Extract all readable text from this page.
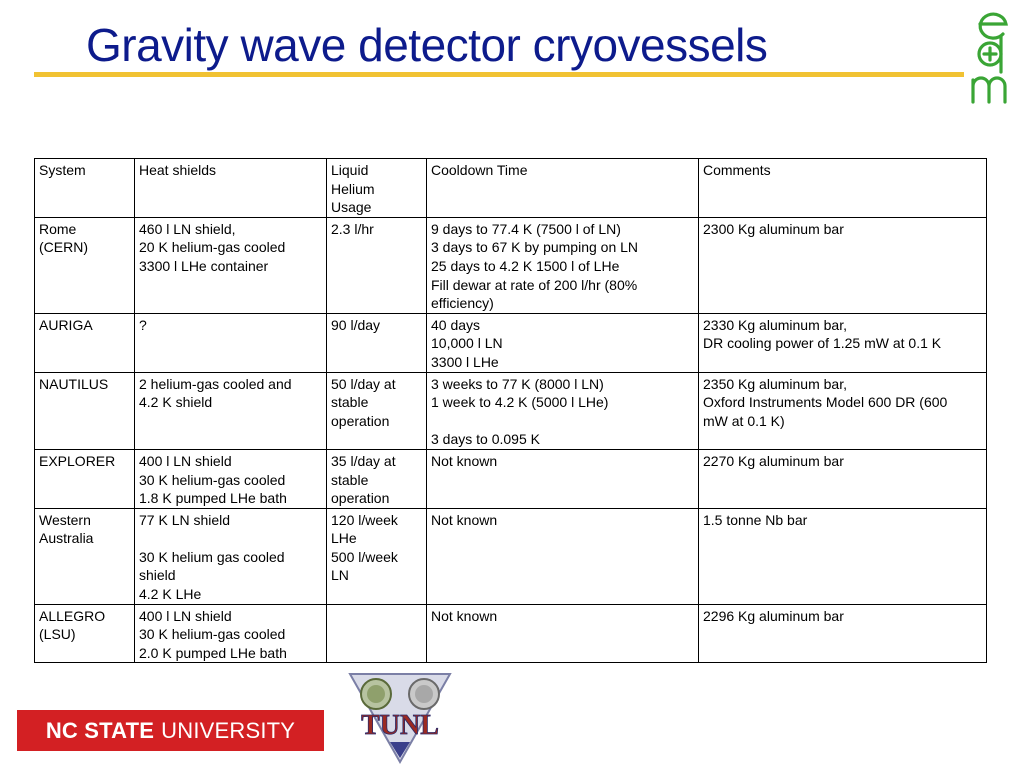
Gravity wave detector cryovessels
System	Heat shields	Liquid
Helium
Usage	Cooldown Time	Comments
Rome
(CERN)	460 l LN shield,
20 K helium-gas cooled
3300 l LHe container	2.3 l/hr	9 days to 77.4 K (7500 l of LN)
3 days to 67 K by pumping on LN
25 days to 4.2 K 1500 l of LHe
Fill dewar at rate of 200 l/hr (80%
efficiency)	2300 Kg aluminum bar
AURIGA	?	90 l/day	40 days
10,000 l LN
3300 l LHe	2330 Kg aluminum bar,
DR cooling power of 1.25 mW at 0.1 K
NAUTILUS	2 helium-gas cooled and
4.2 K shield	50 l/day at
stable
operation	3 weeks to 77 K (8000 l LN)
1 week to 4.2 K (5000 l LHe)

3 days to 0.095 K	2350 Kg aluminum bar,
Oxford Instruments Model 600 DR (600
mW at 0.1 K)
EXPLORER	400 l LN shield
30 K helium-gas cooled
1.8 K pumped LHe bath	35 l/day at
stable
operation	Not known	2270 Kg aluminum bar
Western
Australia	77 K LN shield

30 K helium gas cooled
shield
4.2 K LHe	120 l/week
LHe
500 l/week
LN	Not known	1.5 tonne Nb bar
ALLEGRO
(LSU)	400 l LN shield
30 K helium-gas cooled
2.0 K pumped LHe bath		Not known	2296 Kg aluminum bar
NC STATE UNIVERSITY TUNL
